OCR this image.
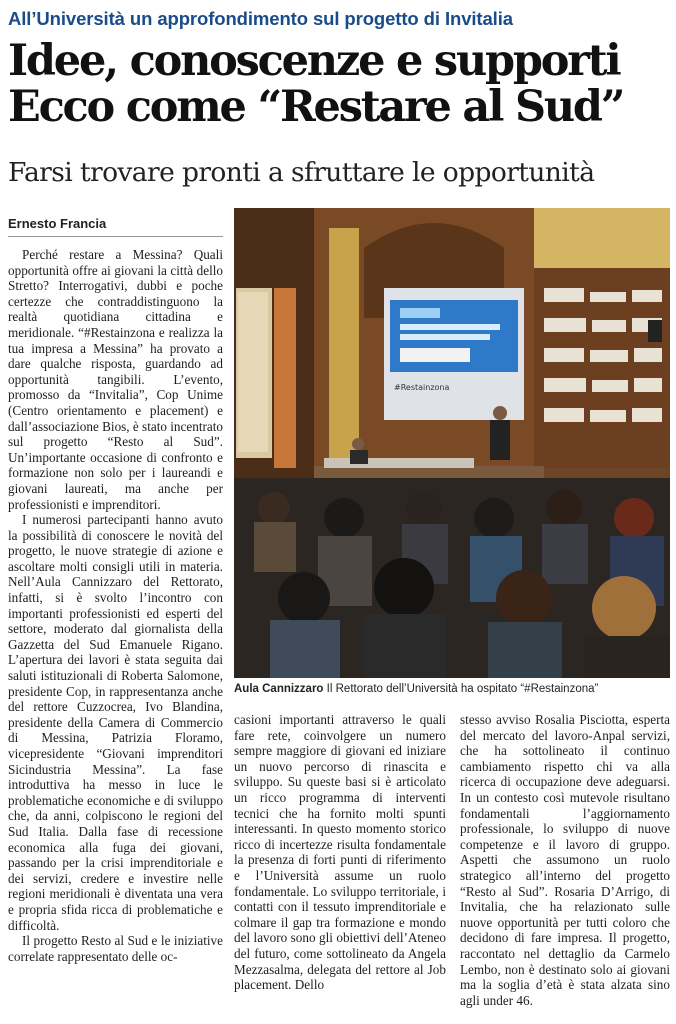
All’Università un approfondimento sul progetto di Invitalia
Idee, conoscenze e supporti
Ecco come “Restare al Sud”
Farsi trovare pronti a sfruttare le opportunità
Ernesto Francia

Perché restare a Messina? Quali opportunità offre ai giovani la città dello Stretto? Interrogativi, dubbi e poche certezze che contraddistinguono la realtà quotidiana cittadina e meridionale. “#Restainzona e realizza la tua impresa a Messina” ha provato a dare qualche risposta, guardando ad opportunità tangibili. L’evento, promosso da “Invitalia”, Cop Unime (Centro orientamento e placement) e dall’associazione Bios, è stato incentrato sul progetto “Resto al Sud”. Un’importante occasione di confronto e formazione non solo per i laureandi e giovani laureati, ma anche per professionisti e imprenditori.

I numerosi partecipanti hanno avuto la possibilità di conoscere le novità del progetto, le nuove strategie di azione e ascoltare molti consigli utili in materia. Nell’Aula Cannizzaro del Rettorato, infatti, si è svolto l’incontro con importanti professionisti ed esperti del settore, moderato dal giornalista della Gazzetta del Sud Emanuele Rigano. L’apertura dei lavori è stata seguita dai saluti istituzionali di Roberta Salomone, presidente Cop, in rappresentanza anche del rettore Cuzzocrea, Ivo Blandina, presidente della Camera di Commercio di Messina, Patrizia Floramo, vicepresidente “Giovani imprenditori Sicindustria Messina”. La fase introduttiva ha messo in luce le problematiche economiche e di sviluppo che, da anni, colpiscono le regioni del Sud Italia. Dalla fase di recessione economica alla fuga dei giovani, passando per la crisi imprenditoriale e dei servizi, credere e investire nelle regioni meridionali è diventata una vera e propria sfida ricca di problematiche e difficoltà.

Il progetto Resto al Sud e le iniziative correlate rappresentato delle oc-

#Restainzona
Aula Cannizzaro Il Rettorato dell’Università ha ospitato “#Restainzona”

casioni importanti attraverso le quali fare rete, coinvolgere un numero sempre maggiore di giovani ed iniziare un nuovo percorso di rinascita e sviluppo. Su queste basi si è articolato un ricco programma di interventi tecnici che ha fornito molti spunti interessanti. In questo momento storico ricco di incertezze risulta fondamentale la presenza di forti punti di riferimento e l’Università assume un ruolo fondamentale. Lo sviluppo territoriale, i contatti con il tessuto imprenditoriale e colmare il gap tra formazione e mondo del lavoro sono gli obiettivi dell’Ateneo del futuro, come sottolineato da Angela Mezzasalma, delegata del rettore al Job placement. Dello

stesso avviso Rosalia Pisciotta, esperta del mercato del lavoro-Anpal servizi, che ha sottolineato il continuo cambiamento rispetto chi va alla ricerca di occupazione deve adeguarsi. In un contesto così mutevole risultano fondamentali l’aggiornamento professionale, lo sviluppo di nuove competenze e il lavoro di gruppo. Aspetti che assumono un ruolo strategico all’interno del progetto “Resto al Sud”. Rosaria D’Arrigo, di Invitalia, che ha relazionato sulle nuove opportunità per tutti coloro che decidono di fare impresa. Il progetto, raccontato nel dettaglio da Carmelo Lembo, non è destinato solo ai giovani ma la soglia d’età è stata alzata sino agli under 46.
